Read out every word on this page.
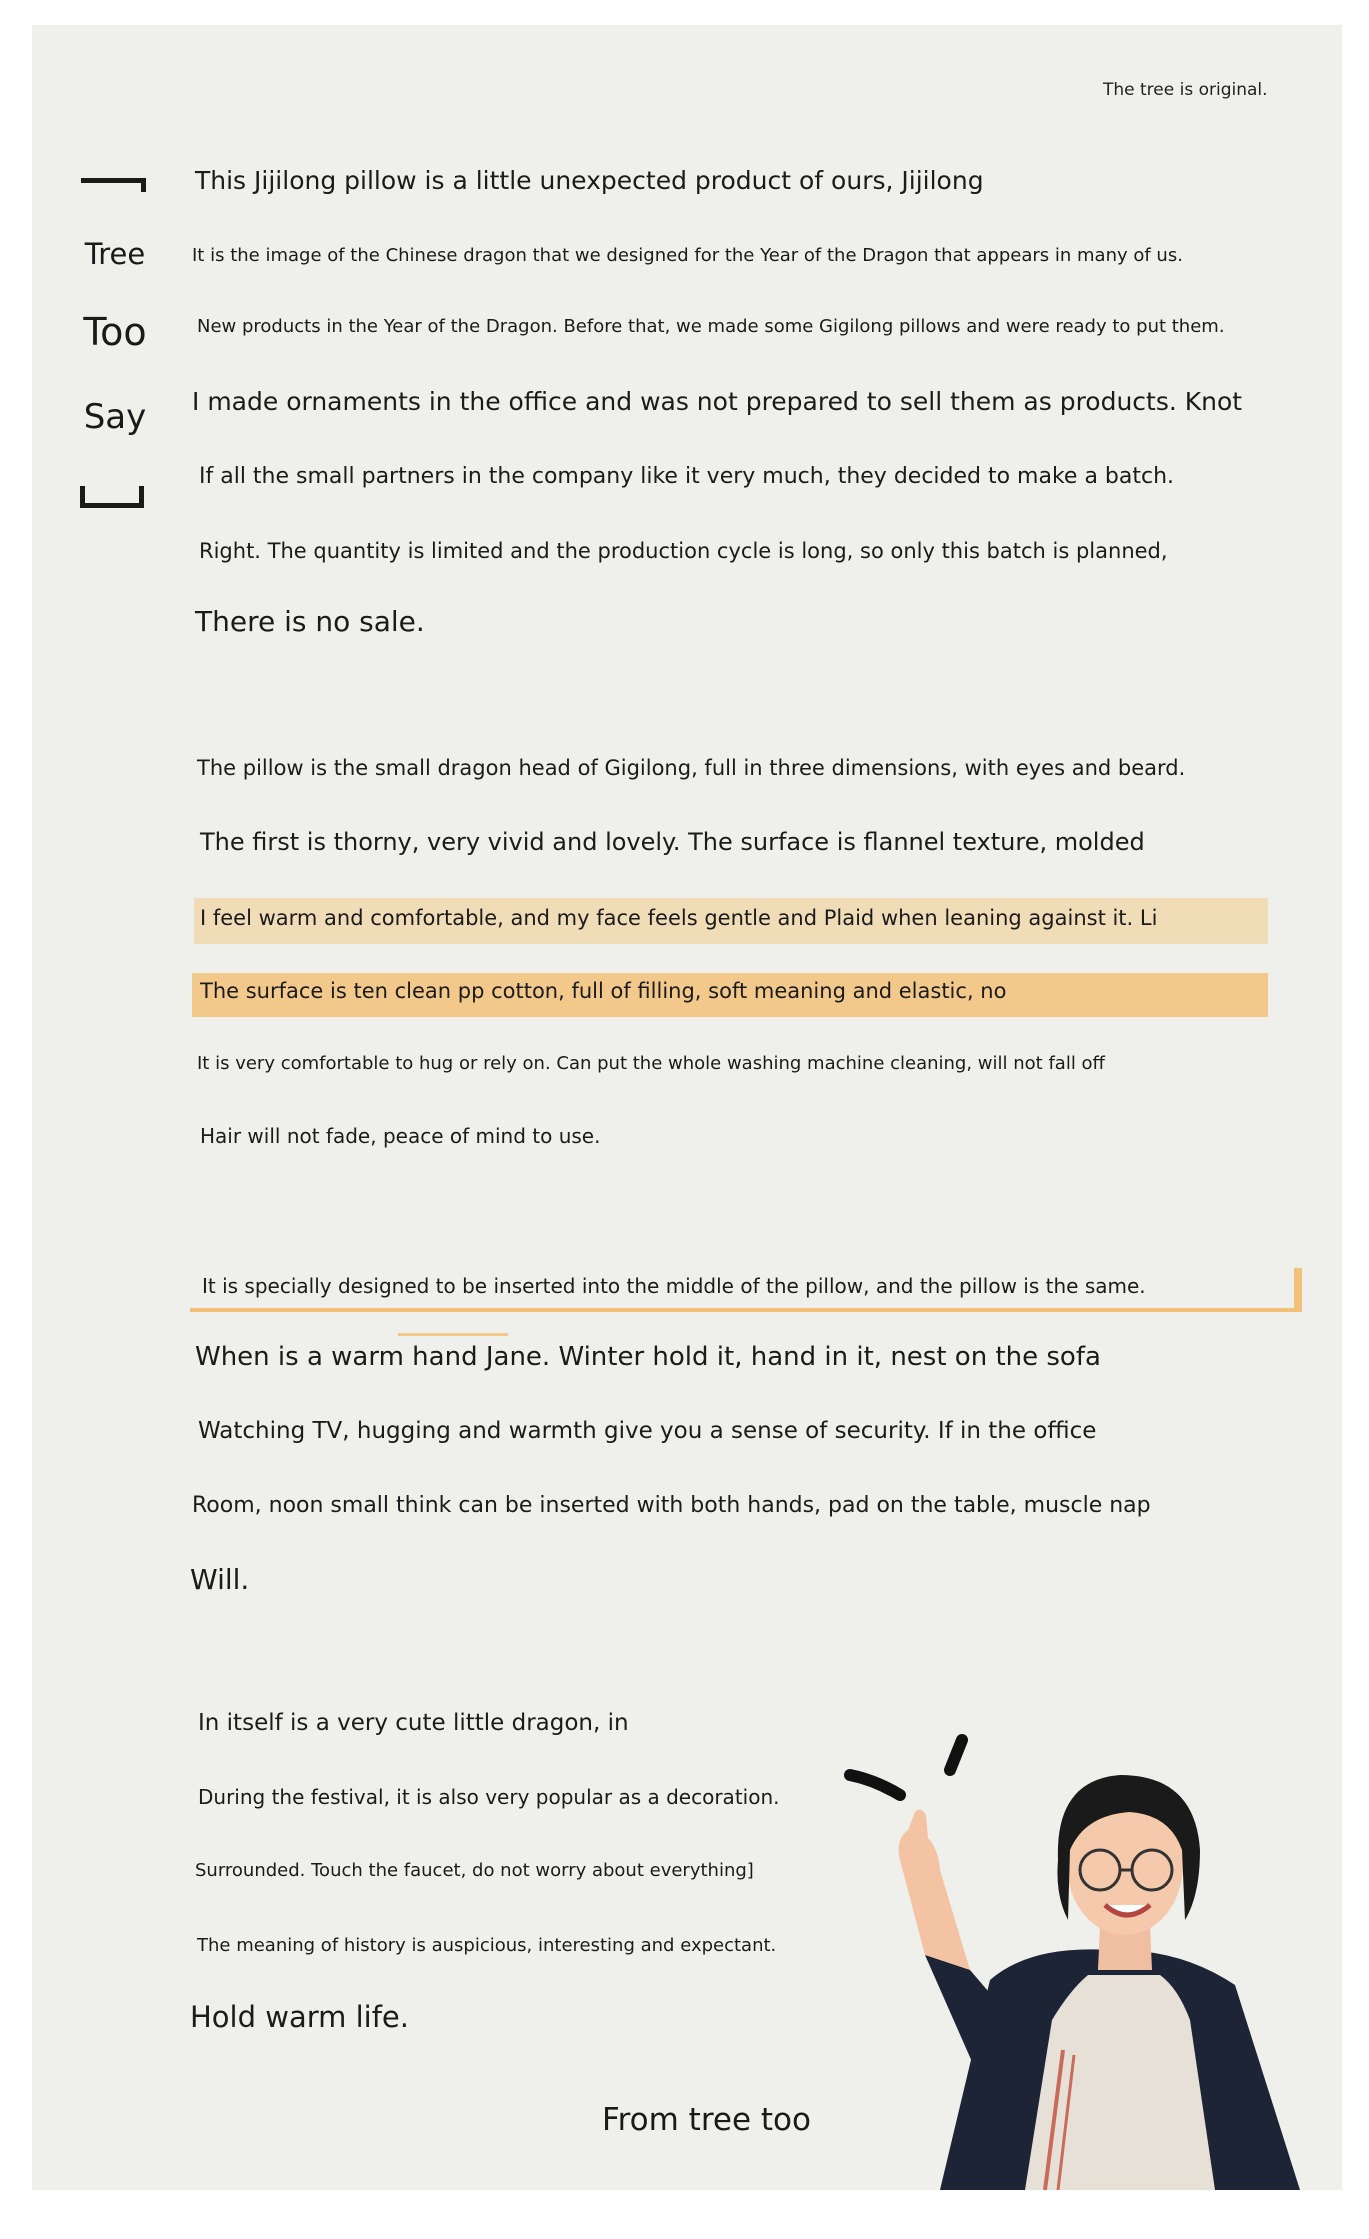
The tree is original.
Tree
Too
Say
This Jijilong pillow is a little unexpected product of ours, Jijilong
It is the image of the Chinese dragon that we designed for the Year of the Dragon that appears in many of us.
New products in the Year of the Dragon. Before that, we made some Gigilong pillows and were ready to put them.
I made ornaments in the office and was not prepared to sell them as products. Knot
If all the small partners in the company like it very much, they decided to make a batch.
Right. The quantity is limited and the production cycle is long, so only this batch is planned,
There is no sale.
The pillow is the small dragon head of Gigilong, full in three dimensions, with eyes and beard.
The first is thorny, very vivid and lovely. The surface is flannel texture, molded
I feel warm and comfortable, and my face feels gentle and Plaid when leaning against it. Li
The surface is ten clean pp cotton, full of filling, soft meaning and elastic, no
It is very comfortable to hug or rely on. Can put the whole washing machine cleaning, will not fall off
Hair will not fade, peace of mind to use.
It is specially designed to be inserted into the middle of the pillow, and the pillow is the same.
When is a warm hand Jane. Winter hold it, hand in it, nest on the sofa
Watching TV, hugging and warmth give you a sense of security. If in the office
Room, noon small think can be inserted with both hands, pad on the table, muscle nap
Will.
In itself is a very cute little dragon, in
During the festival, it is also very popular as a decoration.
Surrounded. Touch the faucet, do not worry about everything]
The meaning of history is auspicious, interesting and expectant.
Hold warm life.
From tree too
